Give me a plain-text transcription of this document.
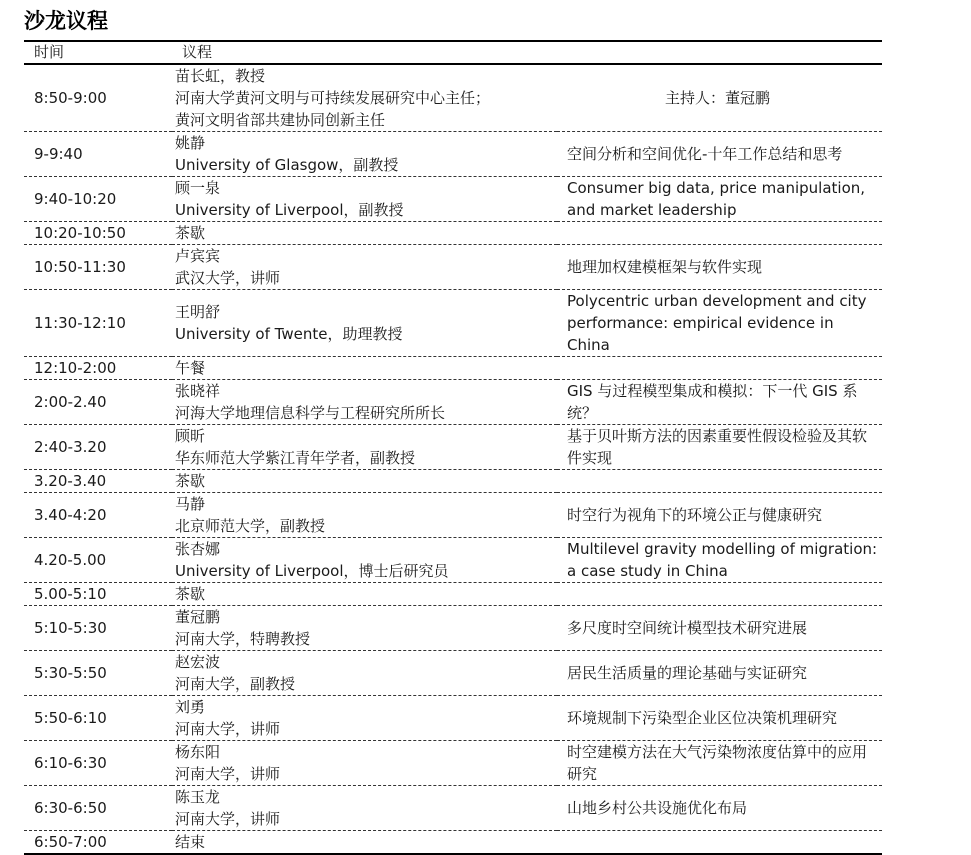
沙龙议程
时间	议程	
8:50-9:00	苗长虹，教授
河南大学黄河文明与可持续发展研究中心主任；
黄河文明省部共建协同创新主任	主持人：董冠鹏
9-9:40	姚静
University of Glasgow，副教授	空间分析和空间优化-十年工作总结和思考
9:40-10:20	顾一泉
University of Liverpool，副教授	Consumer big data, price manipulation, and market leadership
10:20-10:50	茶歇	

10:50-11:30	卢宾宾
武汉大学，讲师	地理加权建模框架与软件实现
11:30-12:10	王明舒
University of Twente，助理教授	Polycentric urban development and city performance: empirical evidence in China
12:10-2:00	午餐	

2:00-2.40	张晓祥
河海大学地理信息科学与工程研究所所长	GIS 与过程模型集成和模拟：下一代 GIS 系统？
2:40-3.20	顾昕
华东师范大学紫江青年学者，副教授	基于贝叶斯方法的因素重要性假设检验及其软件实现
3.20-3.40	茶歇	

3.40-4:20	马静
北京师范大学，副教授	时空行为视角下的环境公正与健康研究
4.20-5.00	张杏娜
University of Liverpool，博士后研究员	Multilevel gravity modelling of migration: a case study in China
5.00-5:10	茶歇	

5:10-5:30	董冠鹏
河南大学，特聘教授	多尺度时空间统计模型技术研究进展
5:30-5:50	赵宏波
河南大学，副教授	居民生活质量的理论基础与实证研究
5:50-6:10	刘勇
河南大学，讲师	环境规制下污染型企业区位决策机理研究
6:10-6:30	杨东阳
河南大学，讲师	时空建模方法在大气污染物浓度估算中的应用研究
6:30-6:50	陈玉龙
河南大学，讲师	山地乡村公共设施优化布局
6:50-7:00	结束	
